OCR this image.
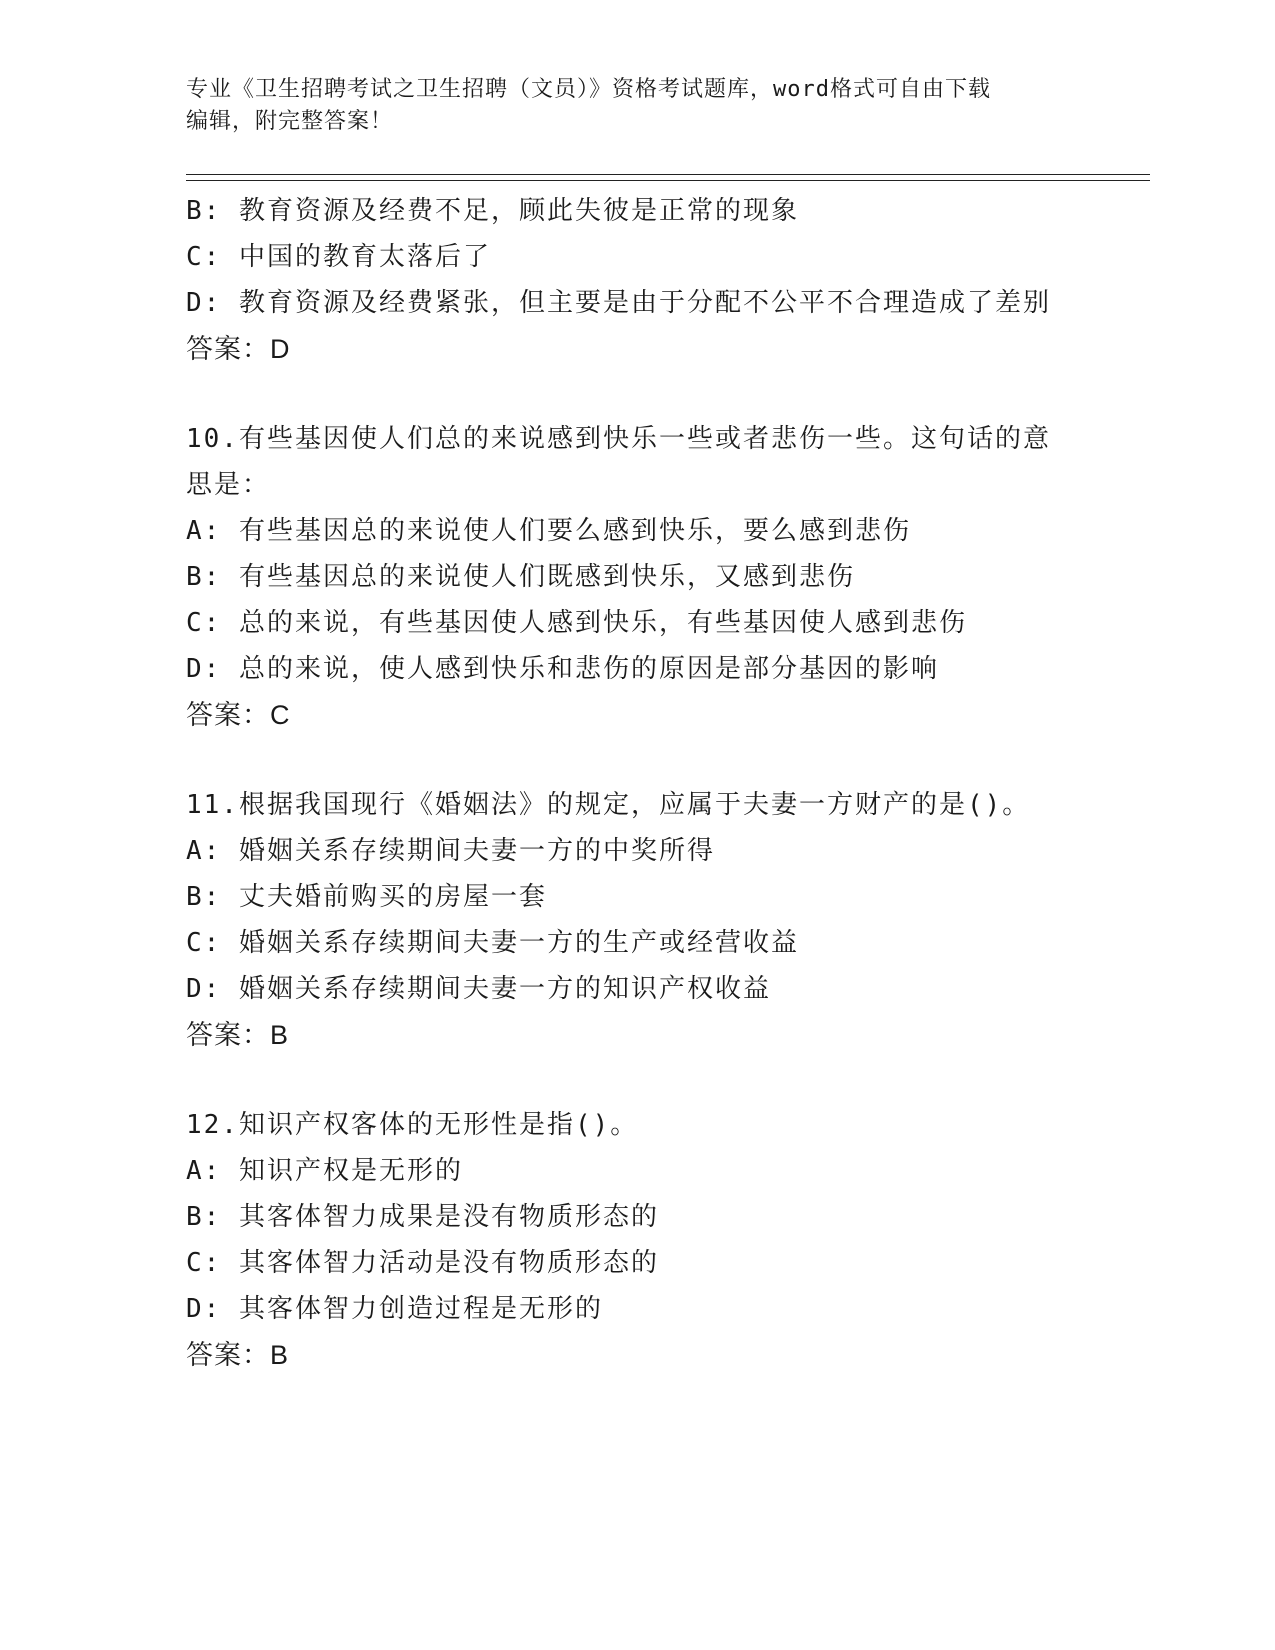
专业《卫生招聘考试之卫生招聘（文员）》资格考试题库，word格式可自由下载
编辑，附完整答案！
B: 教育资源及经费不足，顾此失彼是正常的现象
C: 中国的教育太落后了
D: 教育资源及经费紧张，但主要是由于分配不公平不合理造成了差别
答案：D
10.有些基因使人们总的来说感到快乐一些或者悲伤一些。这句话的意
思是：
A: 有些基因总的来说使人们要么感到快乐，要么感到悲伤
B: 有些基因总的来说使人们既感到快乐，又感到悲伤
C: 总的来说，有些基因使人感到快乐，有些基因使人感到悲伤
D: 总的来说，使人感到快乐和悲伤的原因是部分基因的影响
答案：C
11.根据我国现行《婚姻法》的规定，应属于夫妻一方财产的是()。
A: 婚姻关系存续期间夫妻一方的中奖所得
B: 丈夫婚前购买的房屋一套
C: 婚姻关系存续期间夫妻一方的生产或经营收益
D: 婚姻关系存续期间夫妻一方的知识产权收益
答案：B
12.知识产权客体的无形性是指()。
A: 知识产权是无形的
B: 其客体智力成果是没有物质形态的
C: 其客体智力活动是没有物质形态的
D: 其客体智力创造过程是无形的
答案：B
